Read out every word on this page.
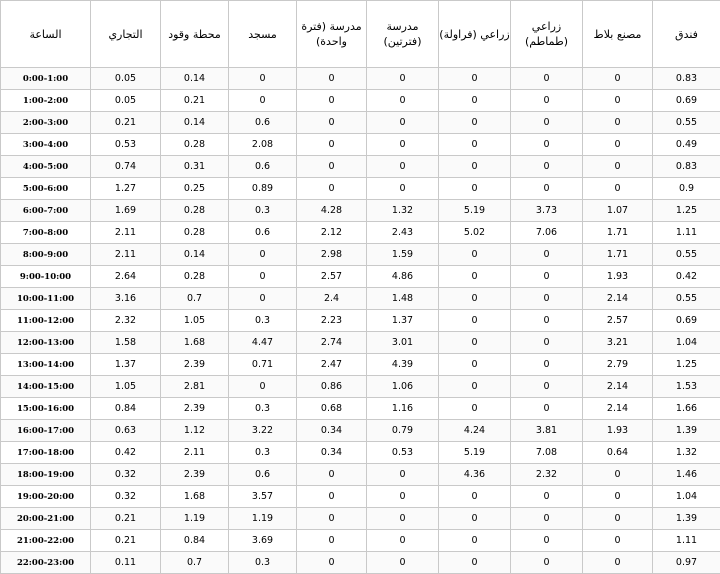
الساعة	التجاري	محطة وقود	مسجد	مدرسة (فترة واحدة)	مدرسة (فترتين)	زراعي (فراولة)	زراعي (طماطم)	مصنع بلاط	فندق
0:00-1:00	0.05	0.14	0	0	0	0	0	0	0.83
1:00-2:00	0.05	0.21	0	0	0	0	0	0	0.69
2:00-3:00	0.21	0.14	0.6	0	0	0	0	0	0.55
3:00-4:00	0.53	0.28	2.08	0	0	0	0	0	0.49
4:00-5:00	0.74	0.31	0.6	0	0	0	0	0	0.83
5:00-6:00	1.27	0.25	0.89	0	0	0	0	0	0.9
6:00-7:00	1.69	0.28	0.3	4.28	1.32	5.19	3.73	1.07	1.25
7:00-8:00	2.11	0.28	0.6	2.12	2.43	5.02	7.06	1.71	1.11
8:00-9:00	2.11	0.14	0	2.98	1.59	0	0	1.71	0.55
9:00-10:00	2.64	0.28	0	2.57	4.86	0	0	1.93	0.42
10:00-11:00	3.16	0.7	0	2.4	1.48	0	0	2.14	0.55
11:00-12:00	2.32	1.05	0.3	2.23	1.37	0	0	2.57	0.69
12:00-13:00	1.58	1.68	4.47	2.74	3.01	0	0	3.21	1.04
13:00-14:00	1.37	2.39	0.71	2.47	4.39	0	0	2.79	1.25
14:00-15:00	1.05	2.81	0	0.86	1.06	0	0	2.14	1.53
15:00-16:00	0.84	2.39	0.3	0.68	1.16	0	0	2.14	1.66
16:00-17:00	0.63	1.12	3.22	0.34	0.79	4.24	3.81	1.93	1.39
17:00-18:00	0.42	2.11	0.3	0.34	0.53	5.19	7.08	0.64	1.32
18:00-19:00	0.32	2.39	0.6	0	0	4.36	2.32	0	1.46
19:00-20:00	0.32	1.68	3.57	0	0	0	0	0	1.04
20:00-21:00	0.21	1.19	1.19	0	0	0	0	0	1.39
21:00-22:00	0.21	0.84	3.69	0	0	0	0	0	1.11
22:00-23:00	0.11	0.7	0.3	0	0	0	0	0	0.97
